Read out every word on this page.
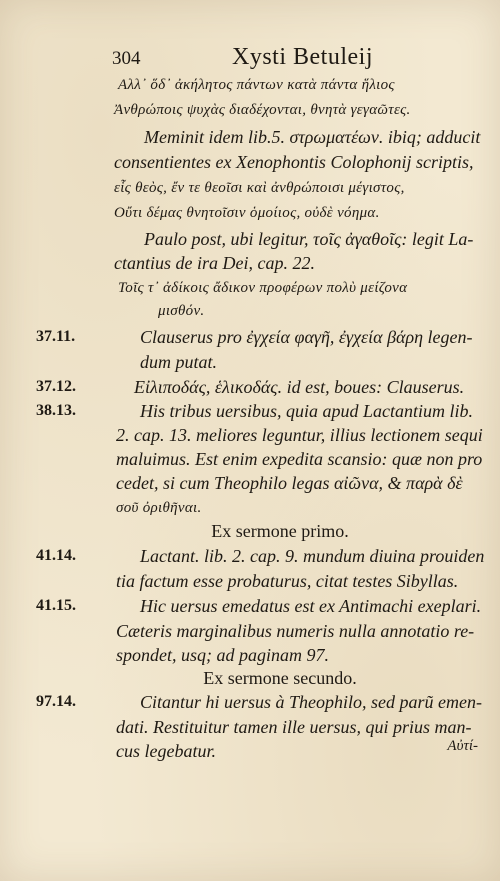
304	Xysti Betuleij
Αλλ᾽ ὅδ᾽ ἀκήλητος πάντων κατὰ πάντα ἥλιος
Ἀνθρώποις ψυχὰς διαδέχονται, θνητὰ γεγαῶτες.
Meminit idem lib.5. στρωματέων. ibiq; adducit
consentientes ex Xenophontis Colophonij scriptis,
εἷς θεὸς, ἔν τε θεοῖσι καὶ ἀνθρώποισι μέγιστος,
Οὔτι δέμας θνητοῖσιν ὁμοίιος, οὐδὲ νόημα.
Paulo post, ubi legitur, τοῖς ἀγαθοῖς: legit La-
ctantius de ira Dei, cap. 22.
Τοῖς τ᾽ ἀδίκοις ἄδικον προφέρων πολὺ μείζονα
μισθόν.
37.11.	Clauserus pro ἐγχεία φαγῆ, ἐγχεία βάρη legen-
dum putat.
37.12.	Εἰλιποδάς, ἑλικοδάς. id est, boues: Clauserus.
38.13.	His tribus uersibus, quia apud Lactantium lib.
2. cap. 13. meliores leguntur, illius lectionem sequi
maluimus. Est enim expedita scansio: quæ non pro
cedet, si cum Theophilo legas αἰῶνα, & παρὰ δὲ
σοῦ ὀριθῆναι.
Ex sermone primo.
41.14.	Lactant. lib. 2. cap. 9. mundum diuina prouiden
tia factum esse probaturus, citat testes Sibyllas.
41.15.	Hic uersus emedatus est ex Antimachi exeplari.
Cæteris marginalibus numeris nulla annotatio re-
spondet, usq; ad paginam 97.
Ex sermone secundo.
97.14.	Citantur hi uersus à Theophilo, sed parũ emen-
dati. Restituitur tamen ille uersus, qui prius man-
cus legebatur.	Αὐτί-
